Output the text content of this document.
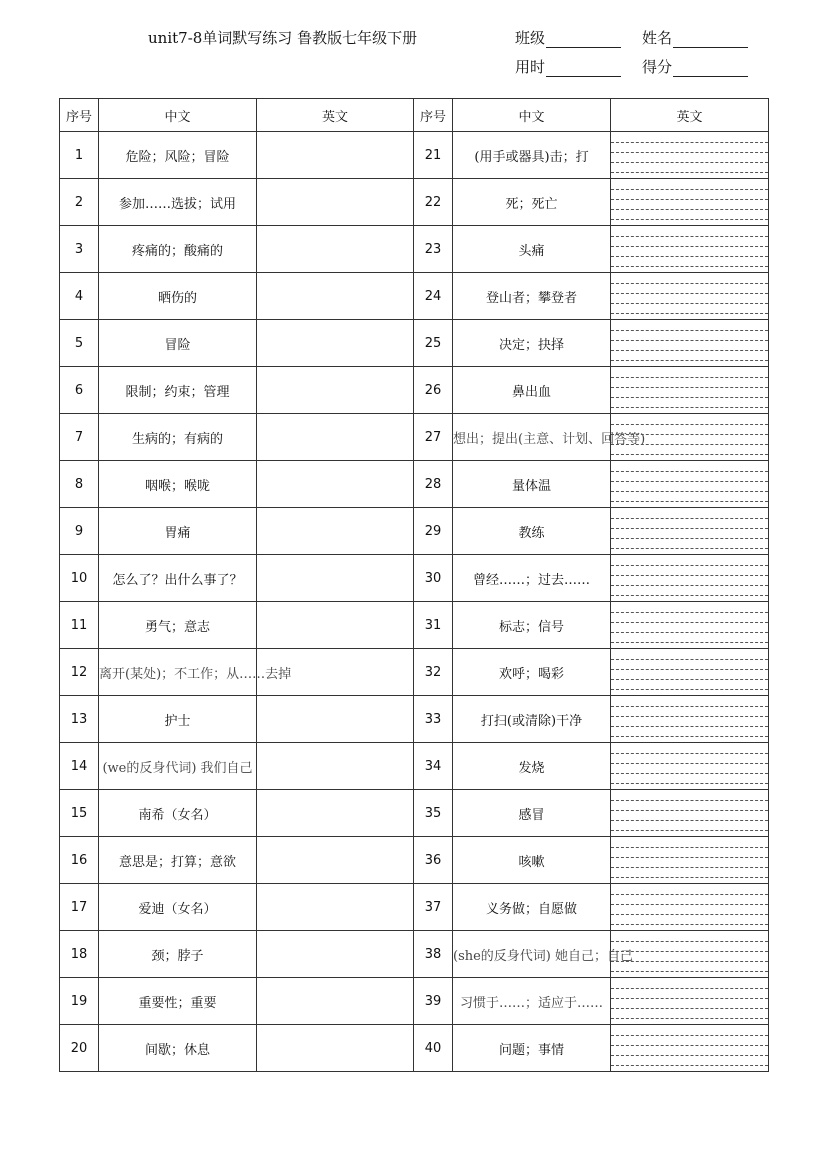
unit7-8单词默写练习 鲁教版七年级下册	班级	姓名
用时	得分
序号	中文	英文	序号	中文	英文
1	危险；风险；冒险		21	(用手或器具)击；打	

2	参加……选拔；试用		22	死；死亡	

3	疼痛的；酸痛的		23	头痛	

4	晒伤的		24	登山者；攀登者	

5	冒险		25	决定；抉择	

6	限制；约束；管理		26	鼻出血	

7	生病的；有病的		27	想出；提出(主意、计划、回答等)	

8	咽喉；喉咙		28	量体温	

9	胃痛		29	教练	

10	怎么了？出什么事了？		30	曾经……；过去……	

11	勇气；意志		31	标志；信号	

12	离开(某处)；不工作；从……去掉		32	欢呼；喝彩	

13	护士		33	打扫(或清除)干净	

14	(we的反身代词) 我们自己		34	发烧	

15	南希（女名）		35	感冒	

16	意思是；打算；意欲		36	咳嗽	

17	爱迪（女名）		37	义务做；自愿做	

18	颈；脖子		38	(she的反身代词) 她自己；自己	

19	重要性；重要		39	习惯于……；适应于……	

20	间歇；休息		40	问题；事情	
